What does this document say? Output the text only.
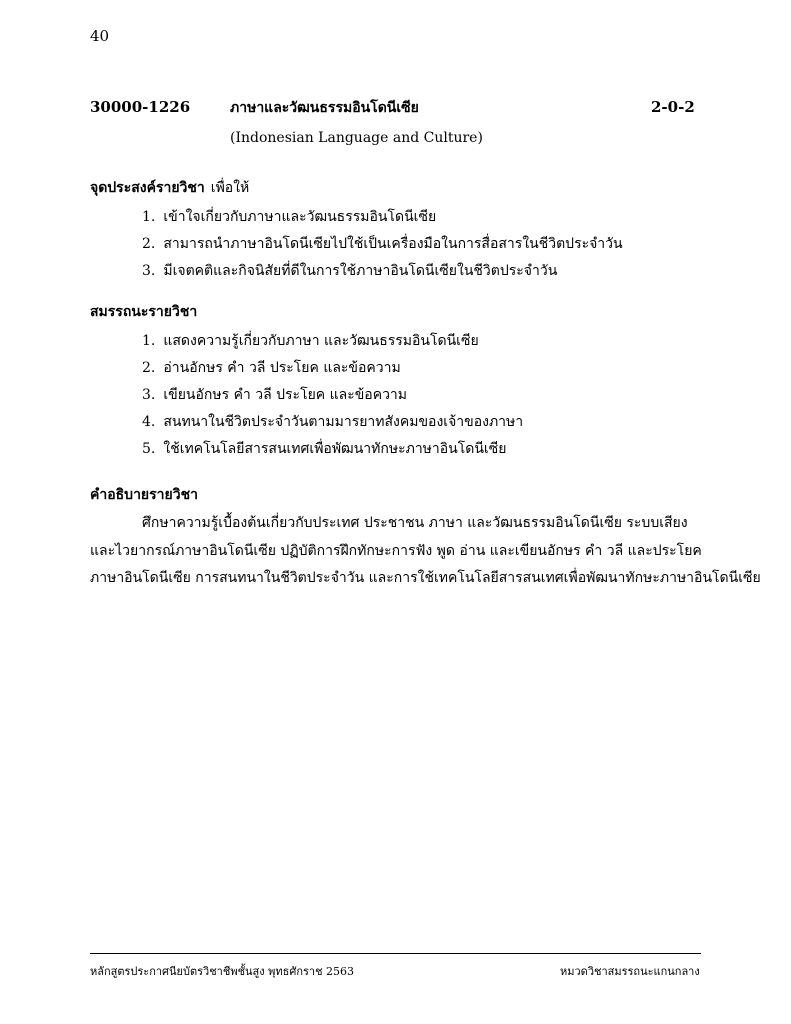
40
30000-1226	ภาษาและวัฒนธรรมอินโดนีเซีย	2-0-2
(Indonesian Language and Culture)
จุดประสงค์รายวิชา เพื่อให้
1. เข้าใจเกี่ยวกับภาษาและวัฒนธรรมอินโดนีเซีย
2. สามารถนำภาษาอินโดนีเซียไปใช้เป็นเครื่องมือในการสื่อสารในชีวิตประจำวัน
3. มีเจตคติและกิจนิสัยที่ดีในการใช้ภาษาอินโดนีเซียในชีวิตประจำวัน
สมรรถนะรายวิชา
1. แสดงความรู้เกี่ยวกับภาษา และวัฒนธรรมอินโดนีเซีย
2. อ่านอักษร คำ วลี ประโยค และข้อความ
3. เขียนอักษร คำ วลี ประโยค และข้อความ
4. สนทนาในชีวิตประจำวันตามมารยาทสังคมของเจ้าของภาษา
5. ใช้เทคโนโลยีสารสนเทศเพื่อพัฒนาทักษะภาษาอินโดนีเซีย
คำอธิบายรายวิชา
ศึกษาความรู้เบื้องต้นเกี่ยวกับประเทศ ประชาชน ภาษา และวัฒนธรรมอินโดนีเซีย ระบบเสียง
และไวยากรณ์ภาษาอินโดนีเซีย ปฏิบัติการฝึกทักษะการฟัง พูด อ่าน และเขียนอักษร คำ วลี และประโยค
ภาษาอินโดนีเซีย การสนทนาในชีวิตประจำวัน และการใช้เทคโนโลยีสารสนเทศเพื่อพัฒนาทักษะภาษาอินโดนีเซีย
หลักสูตรประกาศนียบัตรวิชาชีพชั้นสูง พุทธศักราช 2563	หมวดวิชาสมรรถนะแกนกลาง
